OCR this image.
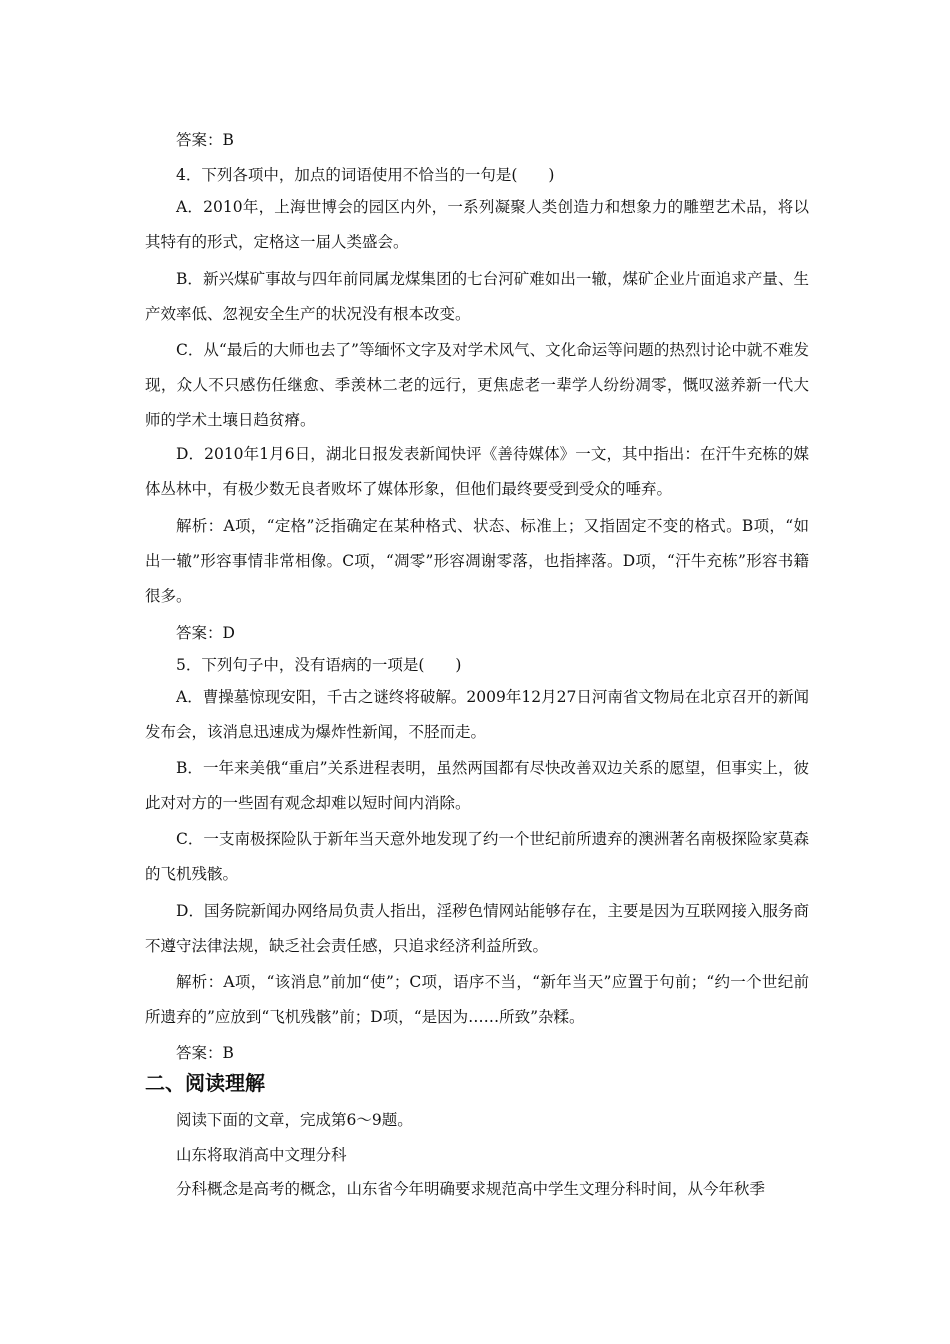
答案：B

4．下列各项中，加点的词语使用不恰当的一句是(　　)

A．2010年，上海世博会的园区内外，一系列凝聚人类创造力和想象力的雕塑艺术品，将以其特有的形式，定格这一届人类盛会。

B．新兴煤矿事故与四年前同属龙煤集团的七台河矿难如出一辙，煤矿企业片面追求产量、生产效率低、忽视安全生产的状况没有根本改变。

C．从“最后的大师也去了”等缅怀文字及对学术风气、文化命运等问题的热烈讨论中就不难发现，众人不只感伤任继愈、季羡林二老的远行，更焦虑老一辈学人纷纷凋零，慨叹滋养新一代大师的学术土壤日趋贫瘠。

D．2010年1月6日，湖北日报发表新闻快评《善待媒体》一文，其中指出：在汗牛充栋的媒体丛林中，有极少数无良者败坏了媒体形象，但他们最终要受到受众的唾弃。

解析：A项，“定格”泛指确定在某种格式、状态、标准上；又指固定不变的格式。B项，“如出一辙”形容事情非常相像。C项，“凋零”形容凋谢零落，也指摔落。D项，“汗牛充栋”形容书籍很多。

答案：D

5．下列句子中，没有语病的一项是(　　)

A．曹操墓惊现安阳，千古之谜终将破解。2009年12月27日河南省文物局在北京召开的新闻发布会，该消息迅速成为爆炸性新闻，不胫而走。

B．一年来美俄“重启”关系进程表明，虽然两国都有尽快改善双边关系的愿望，但事实上，彼此对对方的一些固有观念却难以短时间内消除。

C．一支南极探险队于新年当天意外地发现了约一个世纪前所遗弃的澳洲著名南极探险家莫森的飞机残骸。

D．国务院新闻办网络局负责人指出，淫秽色情网站能够存在，主要是因为互联网接入服务商不遵守法律法规，缺乏社会责任感，只追求经济利益所致。

解析：A项，“该消息”前加“使”；C项，语序不当，“新年当天”应置于句前；“约一个世纪前所遗弃的”应放到“飞机残骸”前；D项，“是因为……所致”杂糅。

答案：B

二、阅读理解

阅读下面的文章，完成第6～9题。

山东将取消高中文理分科

分科概念是高考的概念，山东省今年明确要求规范高中学生文理分科时间，从今年秋季
